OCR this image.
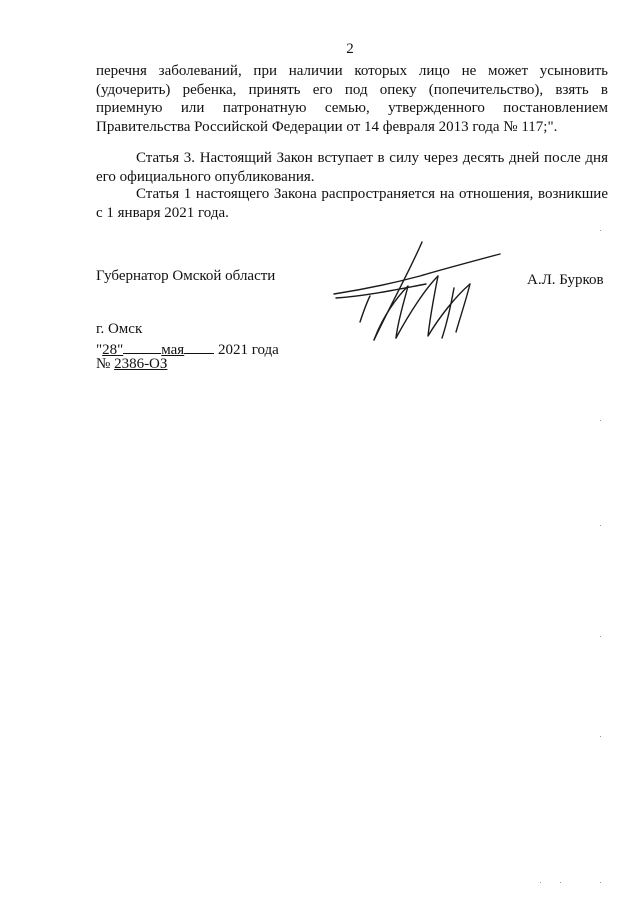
2
перечня заболеваний, при наличии которых лицо не может усыновить (удочерить) ребенка, принять его под опеку (попечительство), взять в приемную или патронатную семью, утвержденного постановлением Правительства Российской Федерации от 14 февраля 2013 года № 117;".
Статья 3. Настоящий Закон вступает в силу через десять дней после дня его официального опубликования.
Статья 1 настоящего Закона распространяется на отношения, возникшие с 1 января 2021 года.
Губернатор Омской области	А.Л. Бурков
г. Омск
"28"	мая 2021 года
№ 2386-ОЗ
